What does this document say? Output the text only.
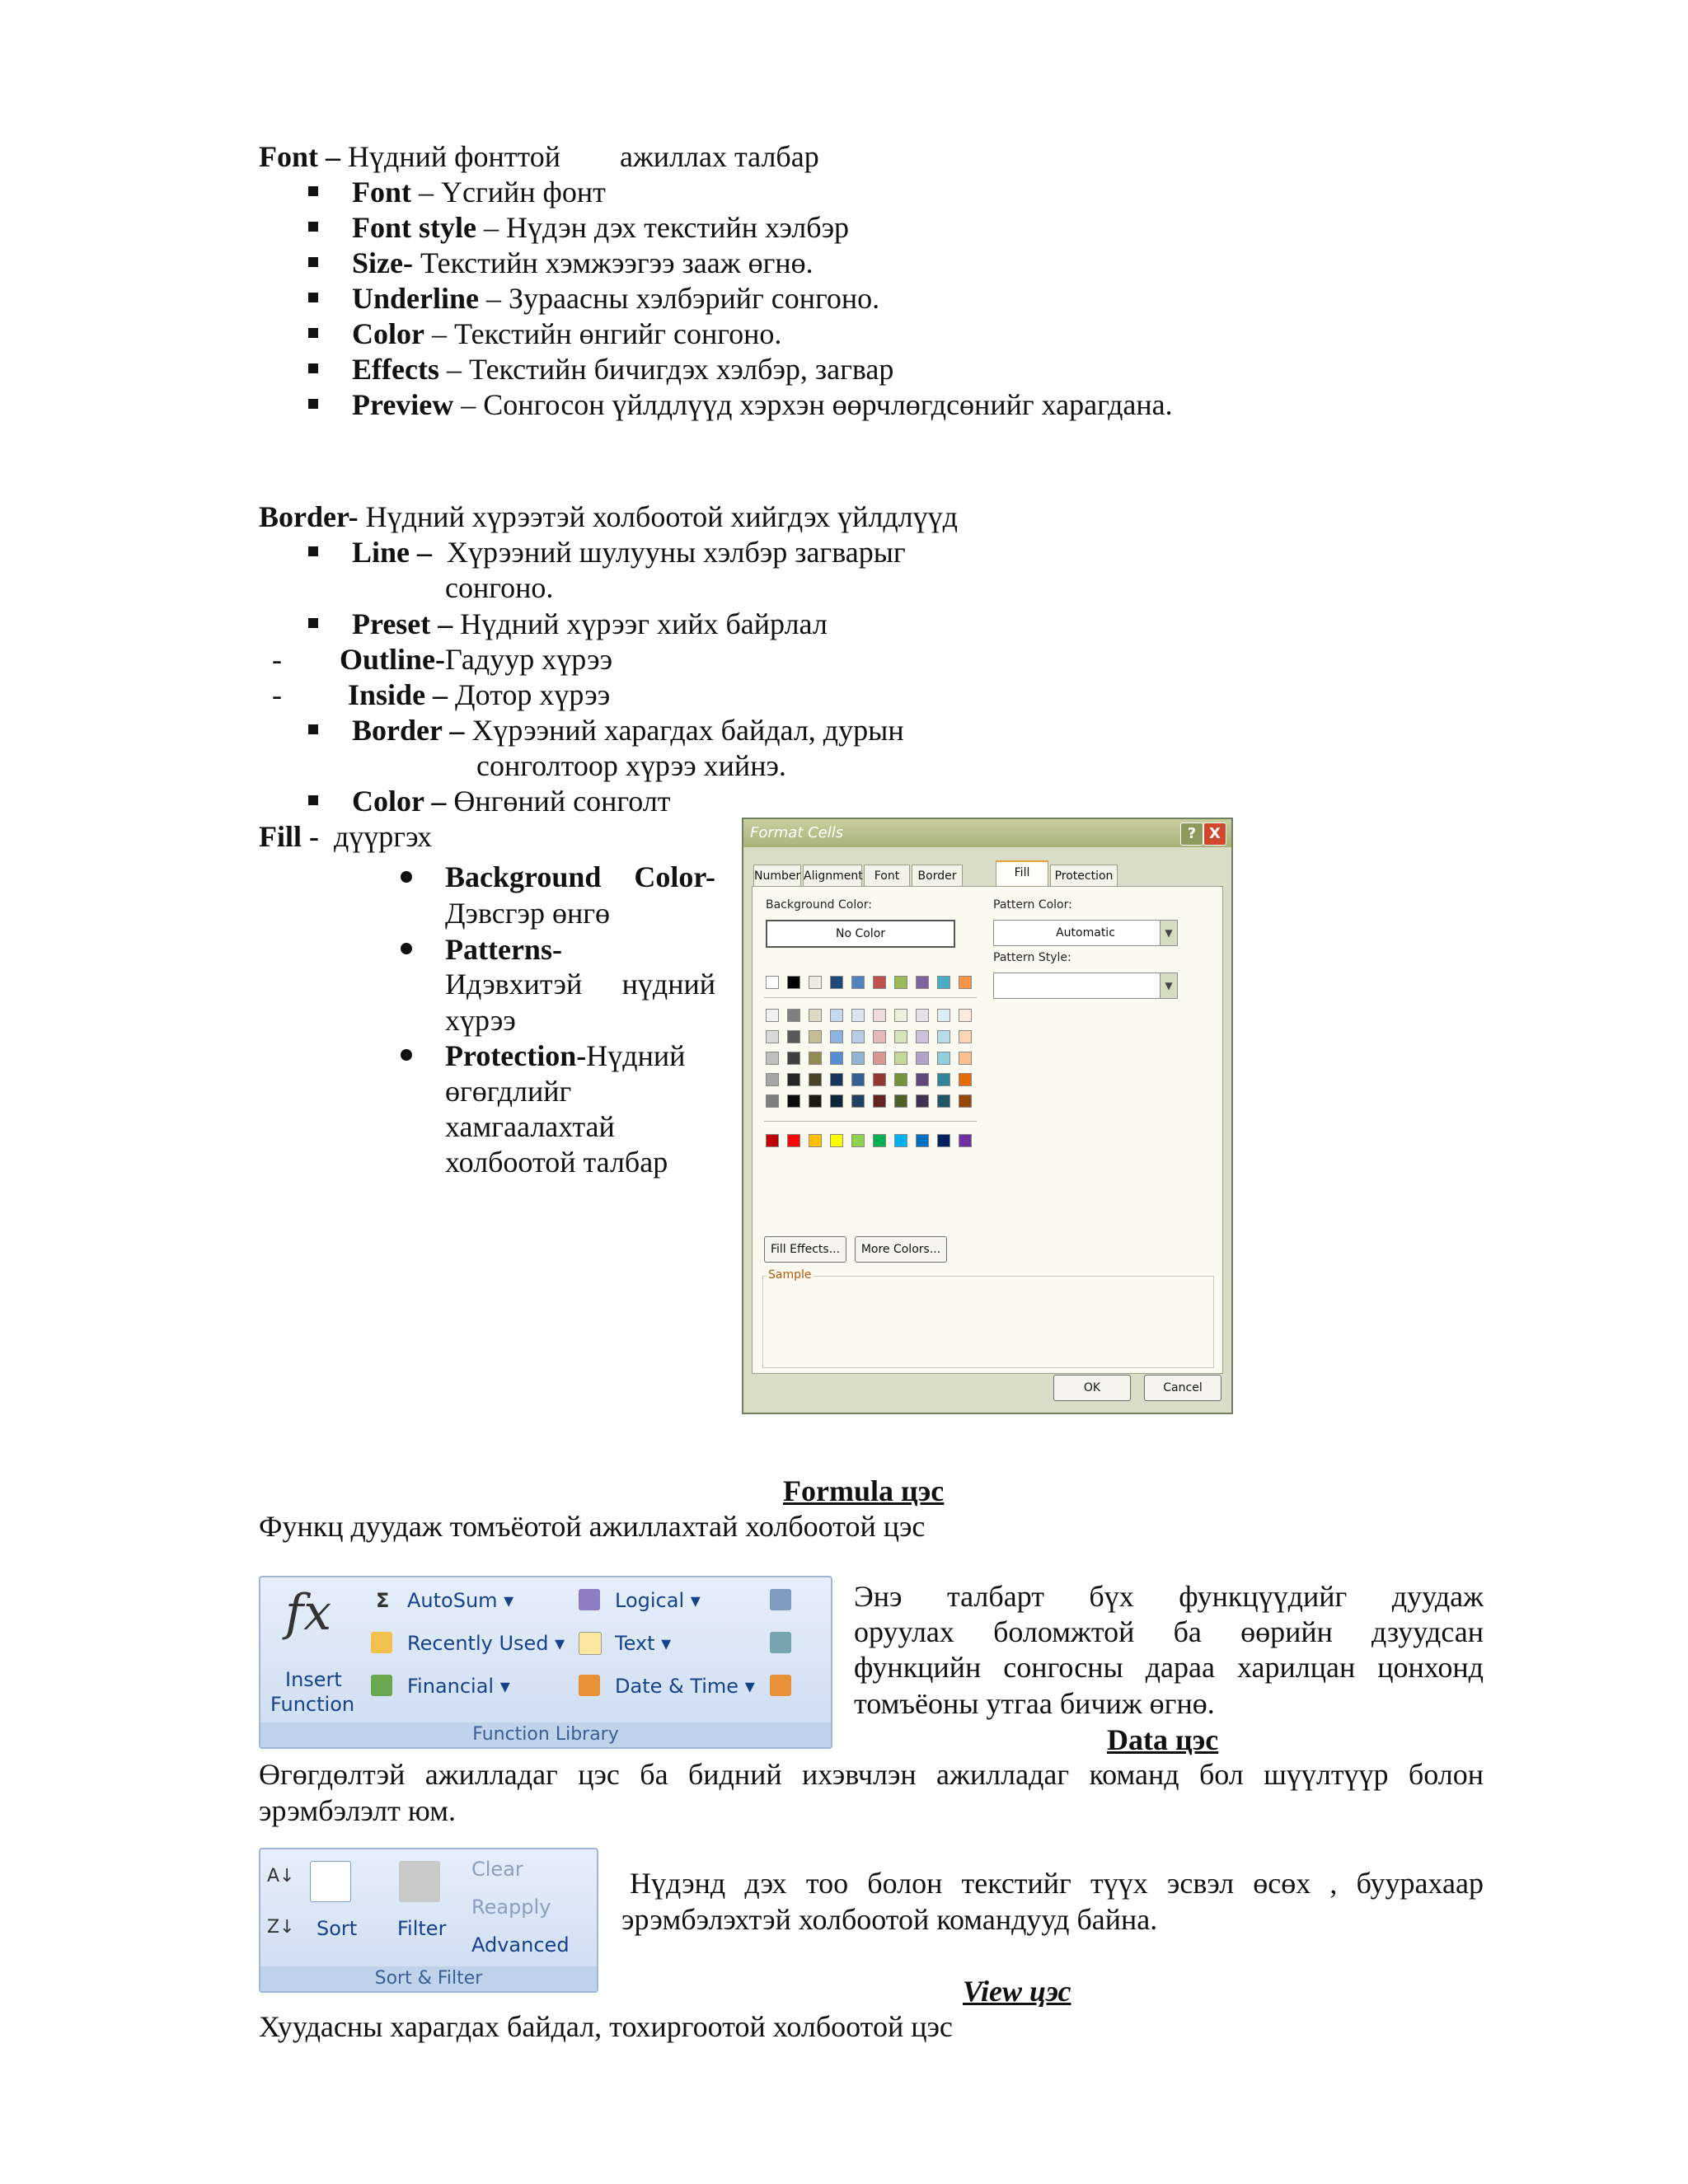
Font – Нүдний фонттой        ажиллах талбар
Font – Үсгийн фонт
Font style – Нүдэн дэх текстийн хэлбэр
Size- Текстийн хэмжээгээ зааж өгнө.
Underline – Зураасны хэлбэрийг сонгоно.
Color – Текстийн өнгийг сонгоно.
Effects – Текстийн бичигдэх хэлбэр, загвар
Preview – Сонгосон үйлдлүүд хэрхэн өөрчлөгдсөнийг харагдана.
Border- Нүдний хүрээтэй холбоотой хийгдэх үйлдлүүд
Line –  Хүрээний шулууны хэлбэр загварыг
сонгоно.
Preset – Нүдний хүрээг хийх байрлал
- Outline-Гадуур хүрээ
- Inside – Дотор хүрээ
Border – Хүрээний харагдах байдал, дурын
сонголтоор хүрээ хийнэ.
Color – Өнгөний сонголт
Fill -  дүүргэх
Background Color-
Дэвсгэр өнгө
Patterns-
Идэвхитэй нүдний
хүрээ
Protection-Нүдний
өгөгдлийг
хамгаалахтай
холбоотой талбар
Format Cells	? X
Number Alignment	Font	Border	Fill	Protection
Background Color:
No Color
Pattern Color:
Automatic	▼
Pattern Style:
▼
Fill Effects...	More Colors...
Sample
OK	Cancel
Formula цэс
Функц дуудаж томъёотой ажиллахтай холбоотой цэс
fx
Insert
Function
Σ AutoSum ▾
Recently Used ▾
Financial ▾
Logical ▾
Text ▾
Date & Time ▾
Function Library
Энэ талбарт бүх функцүүдийг дуудаж
оруулах боломжтой ба өөрийн дзуудсан
функцийн сонгосны дараа харилцан цонхонд
томъёоны утгаа бичиж өгнө.
Data цэс
Өгөгдөлтэй ажилладаг цэс ба бидний ихэвчлэн ажилладаг команд бол шүүлтүүр болон
эрэмбэлэлт юм.
A↓
Z↓ Sort Filter
Clear
Reapply
Advanced
Sort & Filter
Нүдэнд дэх тоо болон текстийг түүх эсвэл өсөх , буурахаар
эрэмбэлэхтэй холбоотой командууд байна.
View цэс
Хуудасны харагдах байдал, тохиргоотой холбоотой цэс
